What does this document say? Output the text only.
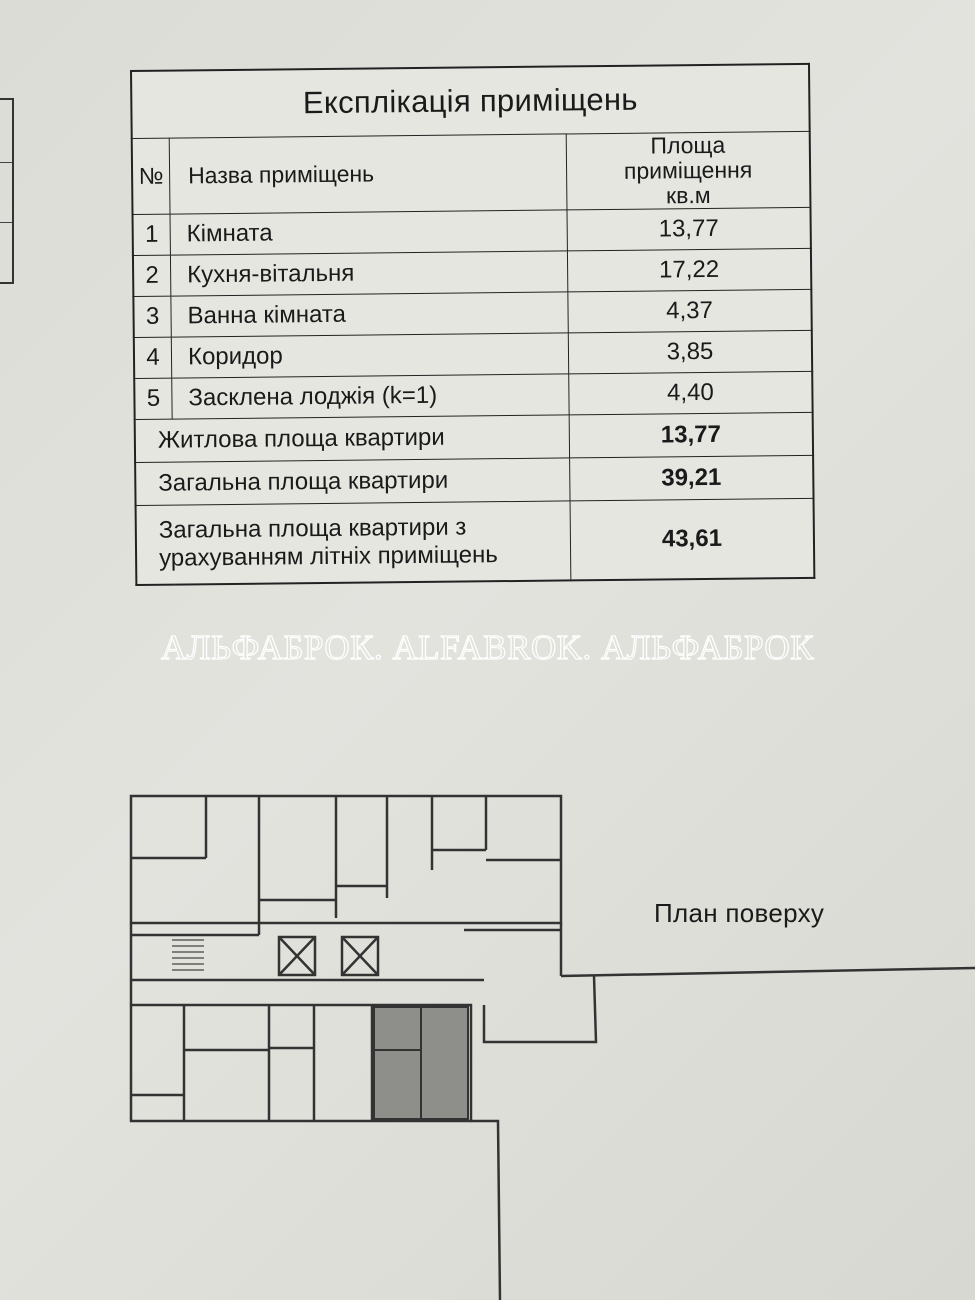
Експлікація приміщень		
№	Назва приміщень	Площа
приміщення
кв.м

1	Кімната	13,77
2	Кухня-вітальня	17,22
3	Ванна кімната	4,37
4	Коридор	3,85
5	Засклена лоджія (k=1)	4,40
Житлова площа квартири		13,77
Загальна площа квартири		39,21

Загальна площа квартири з
урахуванням літніх приміщень		43,61
АЛЬФАБРОК. ALFABROK. АЛЬФАБРОК
План поверху
